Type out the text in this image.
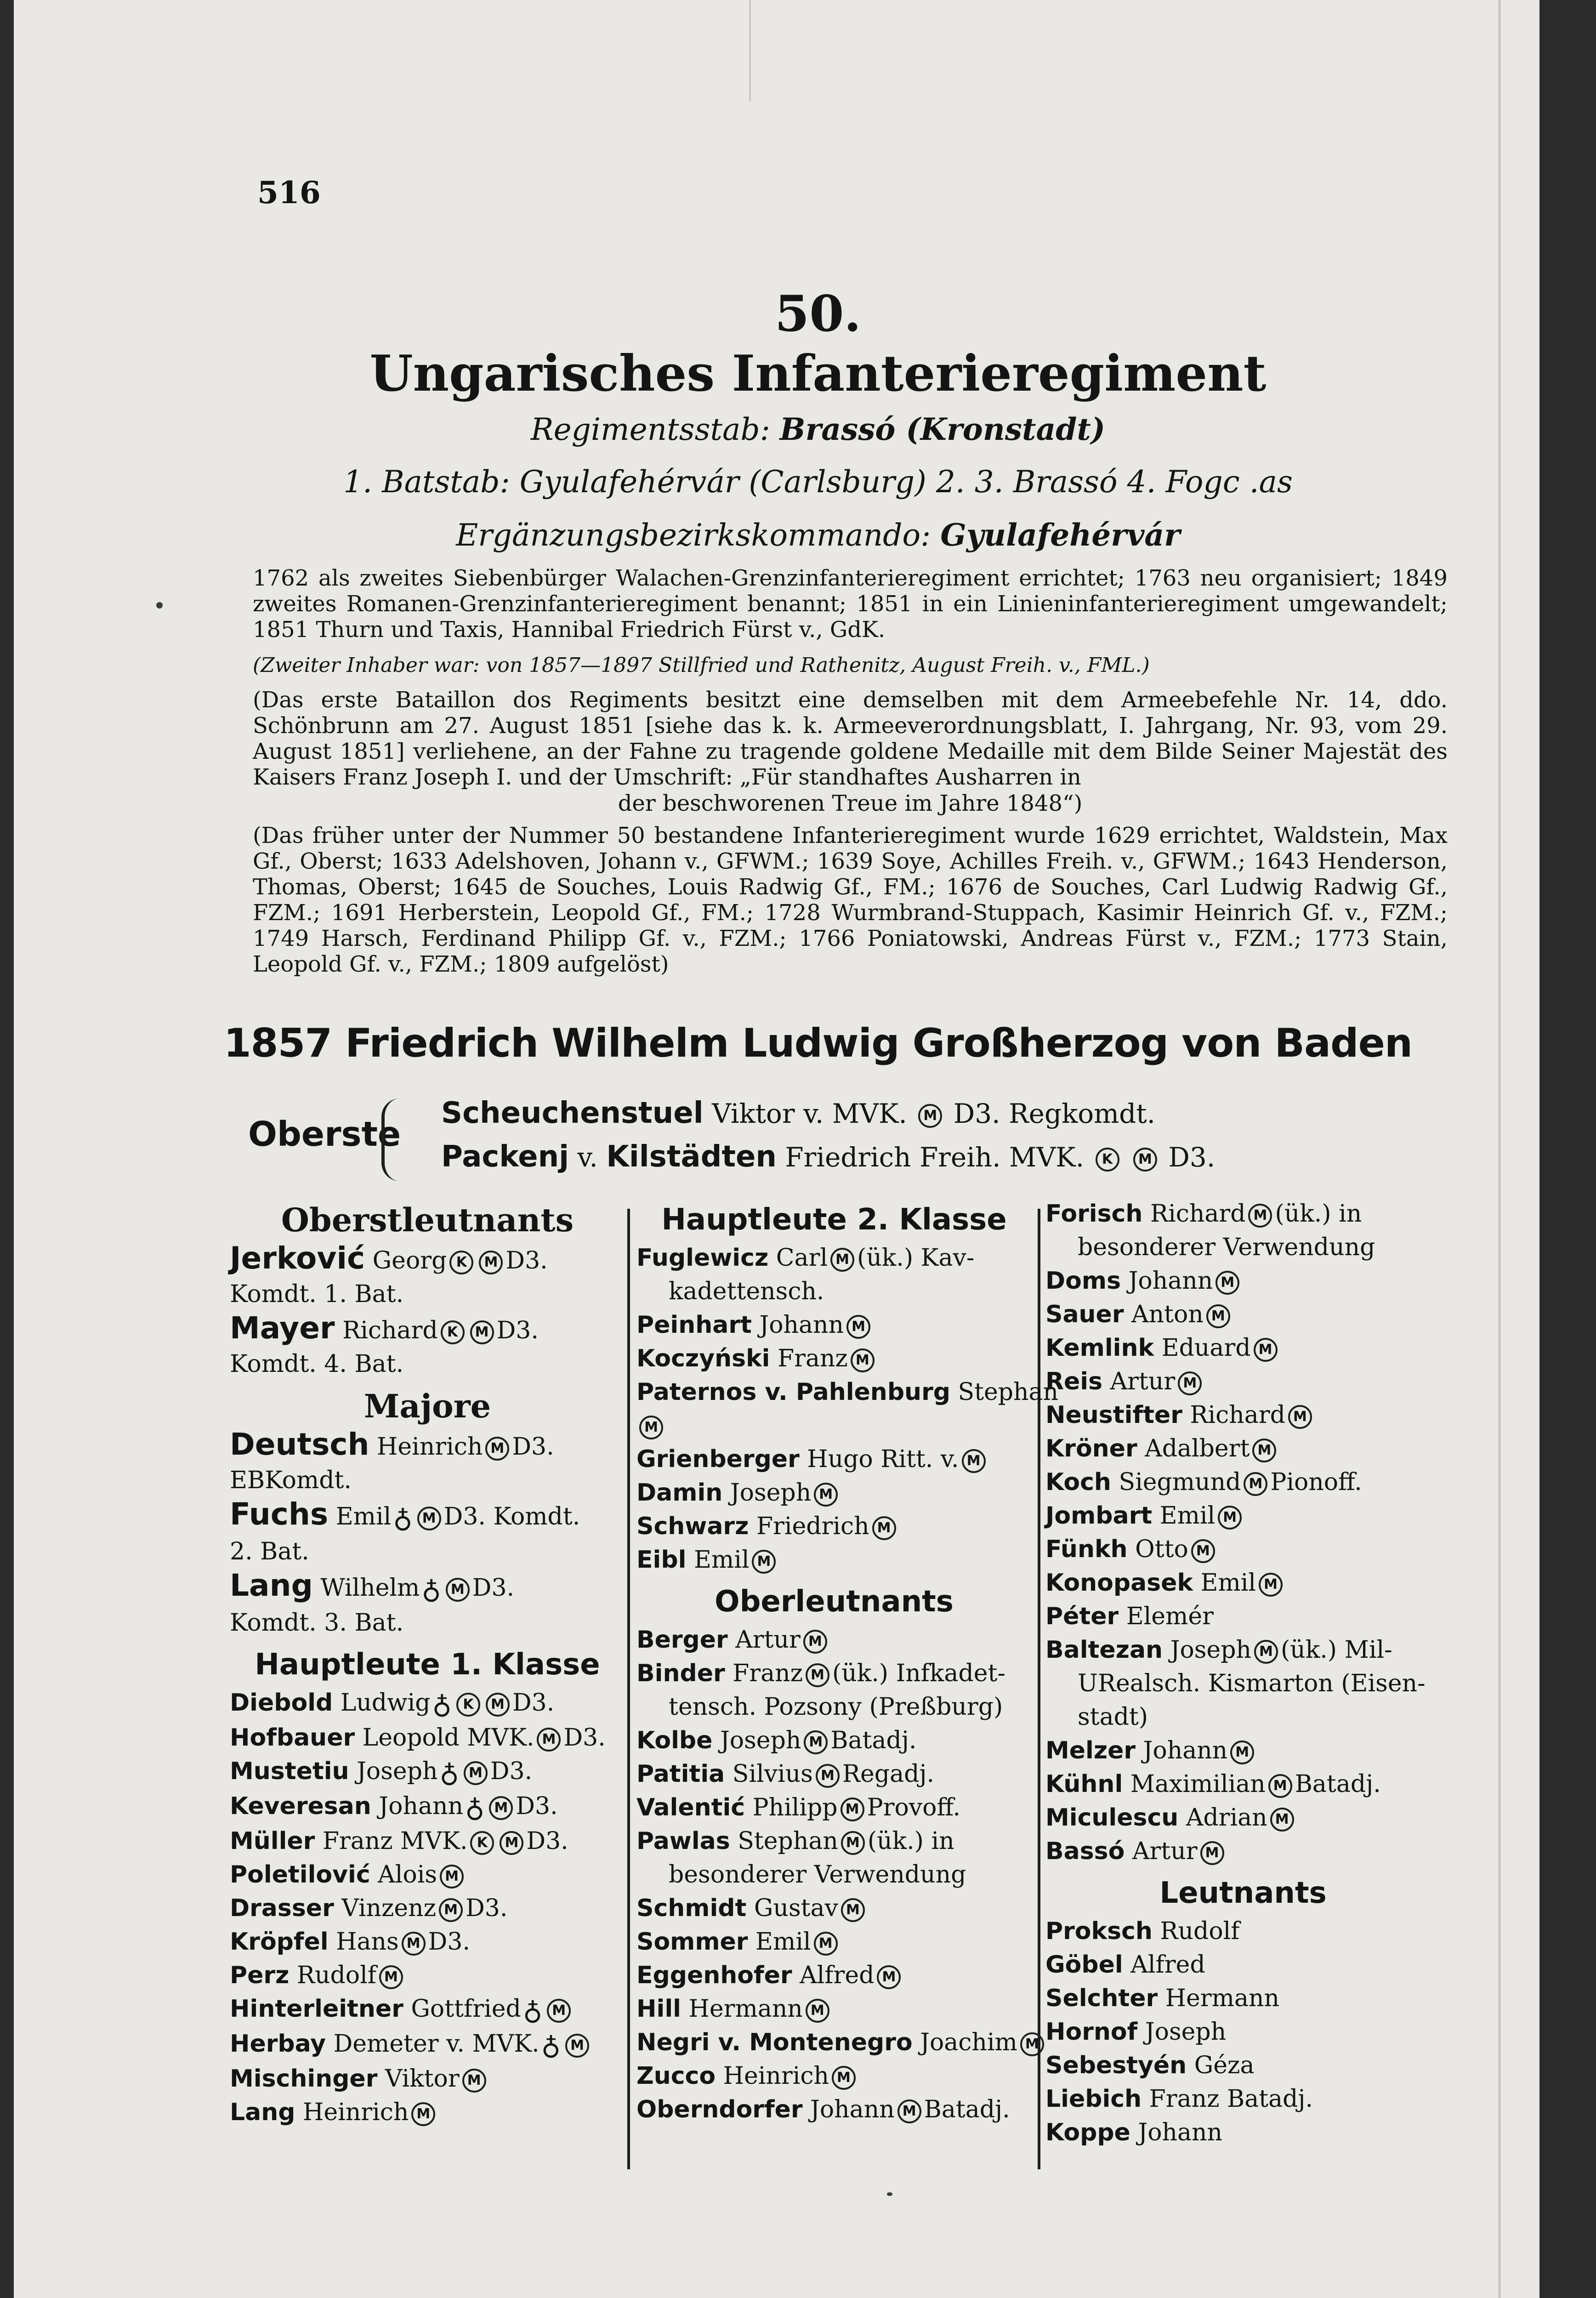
516
50.
Ungarisches Infanterieregiment
Regimentsstab: Brassó (Kronstadt)
1. Batstab: Gyulafehérvár (Carlsburg) 2. 3. Brassó 4. Fogc .as
Ergänzungsbezirkskommando: Gyulafehérvár
1762 als zweites Siebenbürger Walachen-Grenzinfanterieregiment errichtet; 1763 neu organisiert; 1849 zweites Romanen-Grenzinfanterieregiment benannt; 1851 in ein Linieninfanterieregiment umgewandelt; 1851 Thurn und Taxis, Hannibal Friedrich Fürst v., GdK.
(Zweiter Inhaber war: von 1857—1897 Stillfried und Rathenitz, August Freih. v., FML.)
(Das erste Bataillon dos Regiments besitzt eine demselben mit dem Armeebefehle Nr. 14, ddo. Schönbrunn am 27. August 1851 [siehe das k. k. Armeeverordnungsblatt, I. Jahrgang, Nr. 93, vom 29. August 1851] verliehene, an der Fahne zu tragende goldene Medaille mit dem Bilde Seiner Majestät des Kaisers Franz Joseph I. und der Umschrift: „Für standhaftes Ausharren in
der beschworenen Treue im Jahre 1848“)
(Das früher unter der Nummer 50 bestandene Infanterieregiment wurde 1629 errichtet, Waldstein, Max Gf., Oberst; 1633 Adelshoven, Johann v., GFWM.; 1639 Soye, Achilles Freih. v., GFWM.; 1643 Henderson, Thomas, Oberst; 1645 de Souches, Louis Radwig Gf., FM.; 1676 de Souches, Carl Ludwig Radwig Gf., FZM.; 1691 Herberstein, Leopold Gf., FM.; 1728 Wurmbrand-Stuppach, Kasimir Heinrich Gf. v., FZM.; 1749 Harsch, Ferdinand Philipp Gf. v., FZM.; 1766 Poniatowski, Andreas Fürst v., FZM.; 1773 Stain, Leopold Gf. v., FZM.; 1809 aufgelöst)
1857 Friedrich Wilhelm Ludwig Großherzog von Baden
Oberste
Scheuchenstuel Viktor v. MVK. M D3. Regkomdt.
Packenj v. Kilstädten Friedrich Freih. MVK. K M D3.
Oberstleutnants
Jerković Georg K M D3.
Komdt. 1. Bat.
Mayer Richard K M D3.
Komdt. 4. Bat.
Majore
Deutsch Heinrich M D3.
EBKomdt.
Fuchs Emil♁ M D3. Komdt.
2. Bat.
Lang Wilhelm♁ M D3.
Komdt. 3. Bat.
Hauptleute 1. Klasse
Diebold Ludwig♁ K M D3.
Hofbauer Leopold MVK. M D3.
Mustetiu Joseph♁ M D3.
Keveresan Johann♁ M D3.
Müller Franz MVK. K M D3.
Poletilović Alois M
Drasser Vinzenz M D3.
Kröpfel Hans M D3.
Perz Rudolf M
Hinterleitner Gottfried♁ M
Herbay Demeter v. MVK.♁ M
Mischinger Viktor M
Lang Heinrich M
Hauptleute 2. Klasse
Fuglewicz Carl M (ük.) Kav-
kadettensch.
Peinhart Johann M
Koczyński Franz M
Paternos v. Pahlenburg Stephan
M
Grienberger Hugo Ritt. v. M
Damin Joseph M
Schwarz Friedrich M
Eibl Emil M
Oberleutnants
Berger Artur M
Binder Franz M (ük.) Infkadet-
tensch. Pozsony (Preßburg)
Kolbe Joseph M Batadj.
Patitia Silvius M Regadj.
Valentić Philipp M Provoff.
Pawlas Stephan M (ük.) in
besonderer Verwendung
Schmidt Gustav M
Sommer Emil M
Eggenhofer Alfred M
Hill Hermann M
Negri v. Montenegro Joachim M
Zucco Heinrich M
Oberndorfer Johann M Batadj.
Forisch Richard M (ük.) in
besonderer Verwendung
Doms Johann M
Sauer Anton M
Kemlink Eduard M
Reis Artur M
Neustifter Richard M
Kröner Adalbert M
Koch Siegmund M Pionoff.
Jombart Emil M
Fünkh Otto M
Konopasek Emil M
Péter Elemér
Baltezan Joseph M (ük.) Mil-
URealsch. Kismarton (Eisen-
stadt)
Melzer Johann M
Kühnl Maximilian M Batadj.
Miculescu Adrian M
Bassó Artur M
Leutnants
Proksch Rudolf
Göbel Alfred
Selchter Hermann
Hornof Joseph
Sebestyén Géza
Liebich Franz Batadj.
Koppe Johann
